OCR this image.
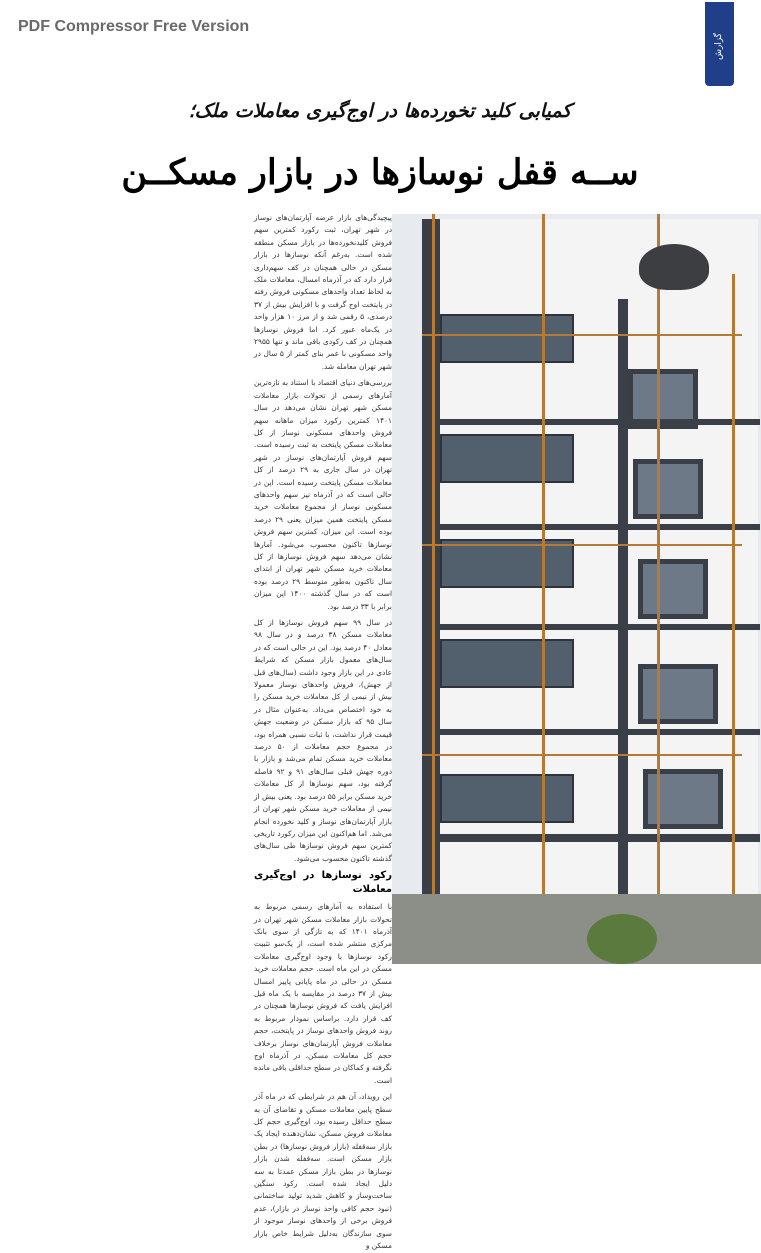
PDF Compressor Free Version
گزارش
کمیابی کلید تخورده‌ها در اوج‌گیری معاملات ملک؛
ســه قفل نوسازها در بازار مسکــن

پیچیدگی‌های بازار عرضه آپارتمان‌های نوساز در شهر تهران، ثبت رکورد کمترین سهم فروش کلیدنخورده‌ها در بازار مسکن منطقه شده است. به‌رغم آنکه نوسازها در بازار مسکن در حالی همچنان در کف سهم‌داری قرار دارد که در آذرماه امسال، معاملات ملک به لحاظ تعداد واحدهای مسکونی فروش رفته در پایتخت اوج گرفت و با افزایش بیش از ۳۷ درصدی، ۵ رقمی شد و از مرز ۱۰ هزار واحد در یک‌ماه عبور کرد. اما فروش نوسازها همچنان در کف رکودی باقی ماند و تنها ۲۹۵۵ واحد مسکونی با عمر بنای کمتر از ۵ سال در شهر تهران معامله شد.

بررسی‌های دنیای اقتصاد با استناد به تازه‌ترین آمارهای رسمی از تحولات بازار معاملات مسکن شهر تهران نشان می‌دهد در سال ۱۴۰۱ کمترین رکورد میزان ماهانه سهم فروش واحدهای مسکونی نوساز از کل معاملات مسکن پایتخت به ثبت رسیده است. سهم فروش آپارتمان‌های نوساز در شهر تهران در سال جاری به ۲۹ درصد از کل معاملات مسکن پایتخت رسیده است. این در حالی است که در آذرماه نیز سهم واحدهای مسکونی نوساز از مجموع معاملات خرید مسکن پایتخت همین میزان یعنی ۲۹ درصد بوده است. این میزان، کمترین سهم فروش نوسازها تاکنون محسوب می‌شود. آمارها نشان می‌دهد سهم فروش نوسازها از کل معاملات خرید مسکن شهر تهران از ابتدای سال تاکنون به‌طور متوسط ۲۹ درصد بوده است که در سال گذشته ۱۴۰۰ این میزان برابر با ۳۳ درصد بود.

در سال ۹۹ سهم فروش نوسازها از کل معاملات مسکن ۳۸ درصد و در سال ۹۸ معادل ۴۰ درصد بود. این در حالی است که در سال‌های معمول بازار مسکن که شرایط عادی در این بازار وجود داشت (سال‌های قبل از جهش)، فروش واحدهای نوساز معمولا بیش از نیمی از کل معاملات خرید مسکن را به خود اختصاص می‌داد. به‌عنوان مثال در سال ۹۵ که بازار مسکن در وضعیت جهش قیمت قرار نداشت، با ثبات نسبی همراه بود، در مجموع حجم معاملات از ۵۰ درصد معاملات خرید مسکن تمام می‌شد و بازار با دوره جهش قبلی سال‌های ۹۱ و ۹۲ فاصله گرفته بود، سهم نوسازها از کل معاملات خرید مسکن برابر ۵۵ درصد بود. یعنی بیش از نیمی از معاملات خرید مسکن شهر تهران از بازار آپارتمان‌های نوساز و کلید نخورده انجام می‌شد. اما هم‌اکنون این میزان رکورد تاریخی کمترین سهم فروش نوسازها طی سال‌های گذشته تاکنون محسوب می‌شود.

رکود نوسازها در اوج‌گیری معاملات

با استفاده به آمارهای رسمی مربوط به تحولات بازار معاملات مسکن شهر تهران در آذرماه ۱۴۰۱ که به تازگی از سوی بانک مرکزی منتشر شده است، از یک‌سو تثبیت رکود نوسازها با وجود اوج‌گیری معاملات مسکن در این ماه است. حجم معاملات خرید مسکن در حالی در ماه پایانی پاییز امسال بیش از ۳۷ درصد در مقایسه با یک ماه قبل افزایش یافت که فروش نوسازها همچنان در کف قرار دارد. براساس نمودار مربوط به روند فروش واحدهای نوساز در پایتخت، حجم معاملات فروش آپارتمان‌های نوساز برخلاف حجم کل معاملات مسکن، در آذرماه اوج نگرفته و کماکان در سطح حداقلی باقی مانده است.

این رویداد، آن هم در شرایطی که در ماه آذر سطح پایین معاملات مسکن و تقاضای آن به سطح حداقل رسیده بود، اوج‌گیری حجم کل معاملات فروش مسکن، نشان‌دهنده ایجاد یک بازار سه‌قفله (بازار فروش نوسازها) در بطن بازار مسکن است. سه‌قفله شدن بازار نوسازها در بطن بازار مسکن عمدتا به سه دلیل ایجاد شده است. رکود سنگین ساخت‌وساز و کاهش شدید تولید ساختمانی (نبود حجم کافی واحد نوساز در بازار)، عدم فروش برخی از واحدهای نوساز موجود از سوی سازندگان به‌دلیل شرایط خاص بازار مسکن و
